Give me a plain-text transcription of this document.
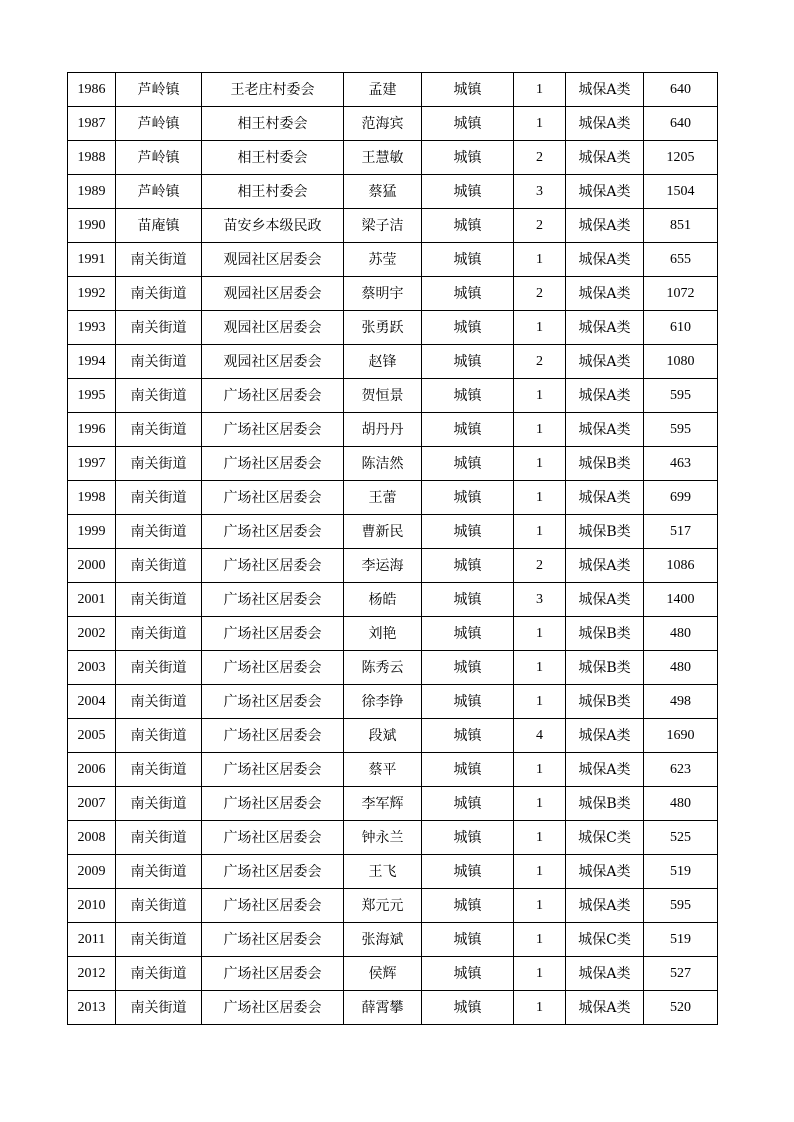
1986	芦岭镇	王老庄村委会	孟建	城镇	1	城保A类	640
1987	芦岭镇	相王村委会	范海宾	城镇	1	城保A类	640
1988	芦岭镇	相王村委会	王慧敏	城镇	2	城保A类	1205
1989	芦岭镇	相王村委会	蔡猛	城镇	3	城保A类	1504
1990	苗庵镇	苗安乡本级民政	梁子洁	城镇	2	城保A类	851
1991	南关街道	观园社区居委会	苏莹	城镇	1	城保A类	655
1992	南关街道	观园社区居委会	蔡明宇	城镇	2	城保A类	1072
1993	南关街道	观园社区居委会	张勇跃	城镇	1	城保A类	610
1994	南关街道	观园社区居委会	赵锋	城镇	2	城保A类	1080
1995	南关街道	广场社区居委会	贺恒景	城镇	1	城保A类	595
1996	南关街道	广场社区居委会	胡丹丹	城镇	1	城保A类	595
1997	南关街道	广场社区居委会	陈洁然	城镇	1	城保B类	463
1998	南关街道	广场社区居委会	王蕾	城镇	1	城保A类	699
1999	南关街道	广场社区居委会	曹新民	城镇	1	城保B类	517
2000	南关街道	广场社区居委会	李运海	城镇	2	城保A类	1086
2001	南关街道	广场社区居委会	杨皓	城镇	3	城保A类	1400
2002	南关街道	广场社区居委会	刘艳	城镇	1	城保B类	480
2003	南关街道	广场社区居委会	陈秀云	城镇	1	城保B类	480
2004	南关街道	广场社区居委会	徐李铮	城镇	1	城保B类	498
2005	南关街道	广场社区居委会	段斌	城镇	4	城保A类	1690
2006	南关街道	广场社区居委会	蔡平	城镇	1	城保A类	623
2007	南关街道	广场社区居委会	李军辉	城镇	1	城保B类	480
2008	南关街道	广场社区居委会	钟永兰	城镇	1	城保C类	525
2009	南关街道	广场社区居委会	王飞	城镇	1	城保A类	519
2010	南关街道	广场社区居委会	郑元元	城镇	1	城保A类	595
2011	南关街道	广场社区居委会	张海斌	城镇	1	城保C类	519
2012	南关街道	广场社区居委会	侯辉	城镇	1	城保A类	527
2013	南关街道	广场社区居委会	薛霄攀	城镇	1	城保A类	520
